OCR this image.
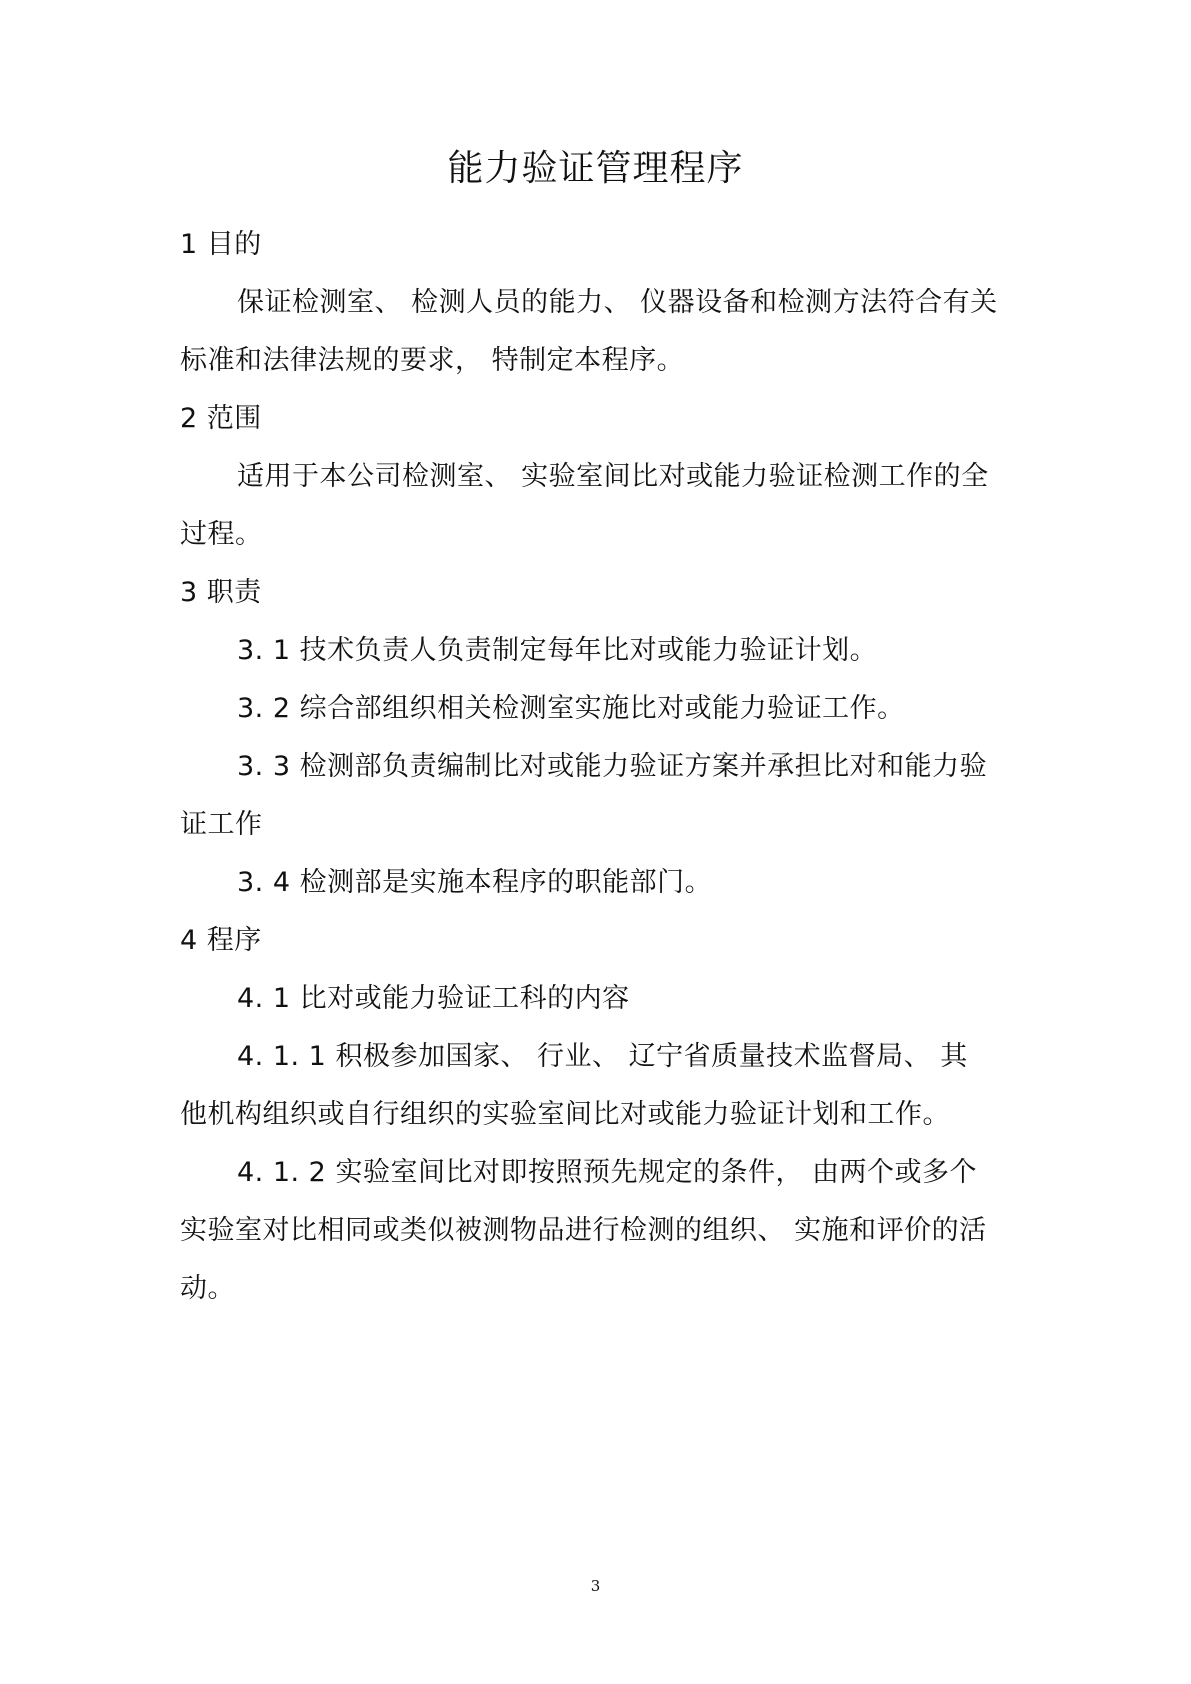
能力验证管理程序
1 目的
保证检测室、 检测人员的能力、 仪器设备和检测方法符合有关
标准和法律法规的要求， 特制定本程序。
2 范围
适用于本公司检测室、 实验室间比对或能力验证检测工作的全
过程。
3 职责
3. 1 技术负责人负责制定每年比对或能力验证计划。
3. 2 综合部组织相关检测室实施比对或能力验证工作。
3. 3 检测部负责编制比对或能力验证方案并承担比对和能力验
证工作
3. 4 检测部是实施本程序的职能部门。
4 程序
4. 1 比对或能力验证工科的内容
4. 1. 1 积极参加国家、 行业、 辽宁省质量技术监督局、 其
他机构组织或自行组织的实验室间比对或能力验证计划和工作。
4. 1. 2 实验室间比对即按照预先规定的条件， 由两个或多个
实验室对比相同或类似被测物品进行检测的组织、 实施和评价的活
动。
3
